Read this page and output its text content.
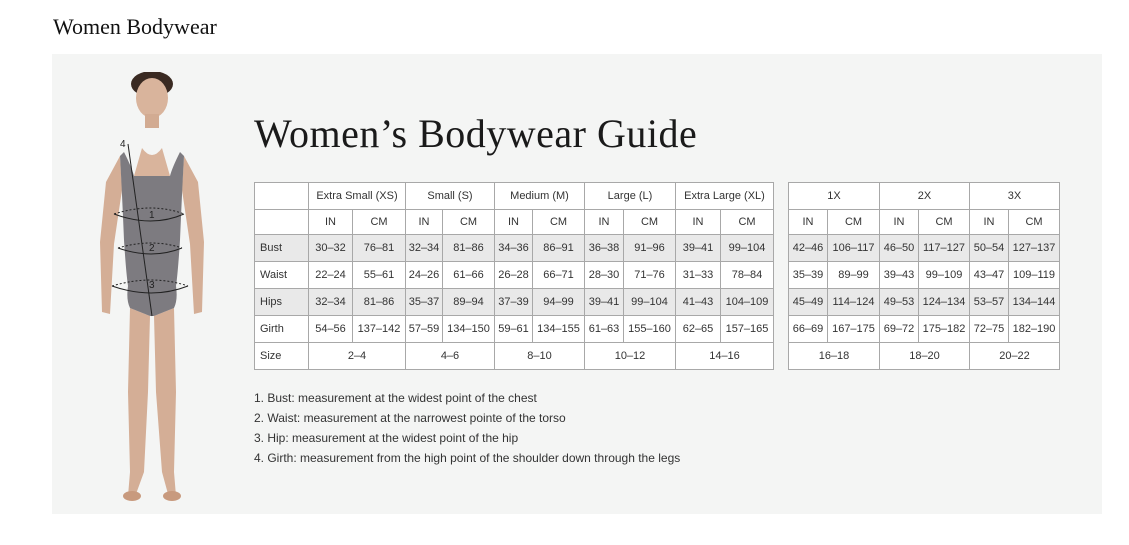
Women Bodywear
1
2
3
4	Women’s Bodywear Guide
	Extra Small (XS)		Small (S)		Medium (M)		Large (L)		Extra Large (XL)	
	IN	CM	IN	CM	IN	CM	IN	CM	IN	CM
Bust	30–32	76–81	32–34	81–86	34–36	86–91	36–38	91–96	39–41	99–104
Waist	22–24	55–61	24–26	61–66	26–28	66–71	28–30	71–76	31–33	78–84
Hips	32–34	81–86	35–37	89–94	37–39	94–99	39–41	99–104	41–43	104–109
Girth	54–56	137–142	57–59	134–150	59–61	134–155	61–63	155–160	62–65	157–165
Size	2–4		4–6		8–10		10–12		14–16	
1X		2X		3X	
IN	CM	IN	CM	IN	CM
42–46	106–117	46–50	117–127	50–54	127–137
35–39	89–99	39–43	99–109	43–47	109–119
45–49	114–124	49–53	124–134	53–57	134–144
66–69	167–175	69–72	175–182	72–75	182–190
16–18		18–20		20–22	
1. Bust: measurement at the widest point of the chest
2. Waist: measurement at the narrowest pointe of the torso
3. Hip: measurement at the widest point of the hip
4. Girth: measurement from the high point of the shoulder down through the legs
